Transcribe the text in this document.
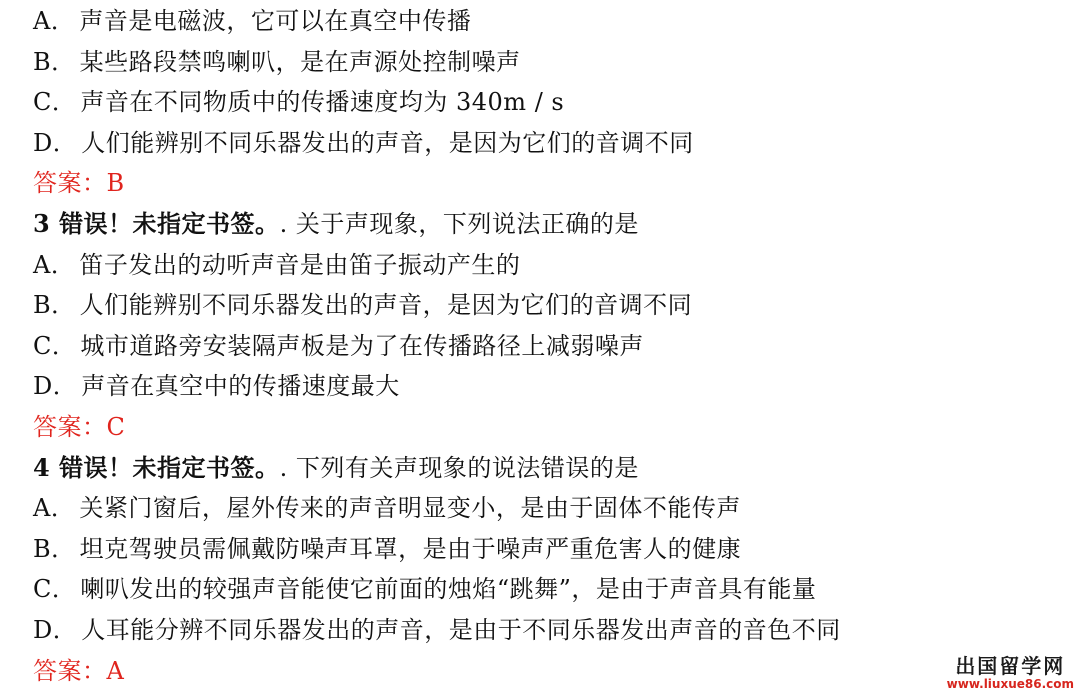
A． 声音是电磁波，它可以在真空中传播
B． 某些路段禁鸣喇叭，是在声源处控制噪声
C． 声音在不同物质中的传播速度均为 340m / s
D． 人们能辨别不同乐器发出的声音，是因为它们的音调不同
答案：B
3 错误！未指定书签。. 关于声现象，下列说法正确的是
A． 笛子发出的动听声音是由笛子振动产生的
B． 人们能辨别不同乐器发出的声音，是因为它们的音调不同
C． 城市道路旁安装隔声板是为了在传播路径上减弱噪声
D． 声音在真空中的传播速度最大
答案：C
4 错误！未指定书签。. 下列有关声现象的说法错误的是
A． 关紧门窗后，屋外传来的声音明显变小，是由于固体不能传声
B． 坦克驾驶员需佩戴防噪声耳罩，是由于噪声严重危害人的健康
C． 喇叭发出的较强声音能使它前面的烛焰“跳舞”，是由于声音具有能量
D． 人耳能分辨不同乐器发出的声音，是由于不同乐器发出声音的音色不同
答案：A	出国留学网
www.liuxue86.com
